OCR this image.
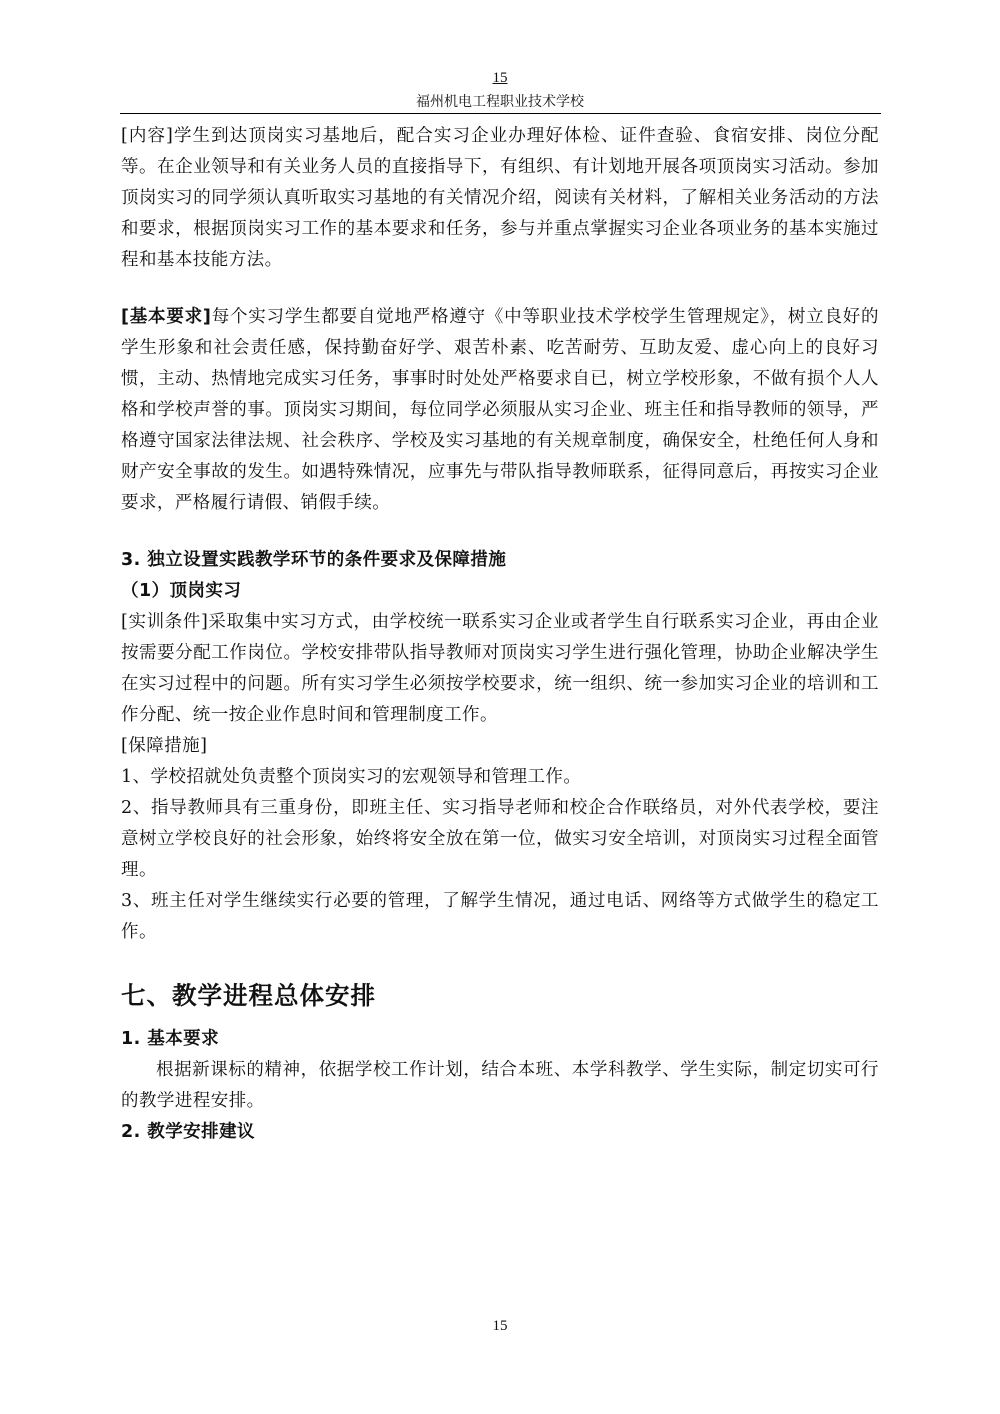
15
福州机电工程职业技术学校

[内容]学生到达顶岗实习基地后，配合实习企业办理好体检、证件查验、食宿安排、岗位分配等。在企业领导和有关业务人员的直接指导下，有组织、有计划地开展各项顶岗实习活动。参加顶岗实习的同学须认真听取实习基地的有关情况介绍，阅读有关材料，了解相关业务活动的方法和要求，根据顶岗实习工作的基本要求和任务，参与并重点掌握实习企业各项业务的基本实施过程和基本技能方法。

[基本要求]每个实习学生都要自觉地严格遵守《中等职业技术学校学生管理规定》，树立良好的学生形象和社会责任感，保持勤奋好学、艰苦朴素、吃苦耐劳、互助友爱、虚心向上的良好习惯，主动、热情地完成实习任务，事事时时处处严格要求自已，树立学校形象，不做有损个人人格和学校声誉的事。顶岗实习期间，每位同学必须服从实习企业、班主任和指导教师的领导，严格遵守国家法律法规、社会秩序、学校及实习基地的有关规章制度，确保安全，杜绝任何人身和财产安全事故的发生。如遇特殊情况，应事先与带队指导教师联系，征得同意后，再按实习企业要求，严格履行请假、销假手续。

3. 独立设置实践教学环节的条件要求及保障措施

（1）顶岗实习

[实训条件]采取集中实习方式，由学校统一联系实习企业或者学生自行联系实习企业，再由企业按需要分配工作岗位。学校安排带队指导教师对顶岗实习学生进行强化管理，协助企业解决学生在实习过程中的问题。所有实习学生必须按学校要求，统一组织、统一参加实习企业的培训和工作分配、统一按企业作息时间和管理制度工作。

[保障措施]

1、学校招就处负责整个顶岗实习的宏观领导和管理工作。

2、指导教师具有三重身份，即班主任、实习指导老师和校企合作联络员，对外代表学校，要注意树立学校良好的社会形象，始终将安全放在第一位，做实习安全培训，对顶岗实习过程全面管理。

3、班主任对学生继续实行必要的管理，了解学生情况，通过电话、网络等方式做学生的稳定工作。

七、教学进程总体安排

1. 基本要求

根据新课标的精神，依据学校工作计划，结合本班、本学科教学、学生实际，制定切实可行的教学进程安排。

2. 教学安排建议

15
